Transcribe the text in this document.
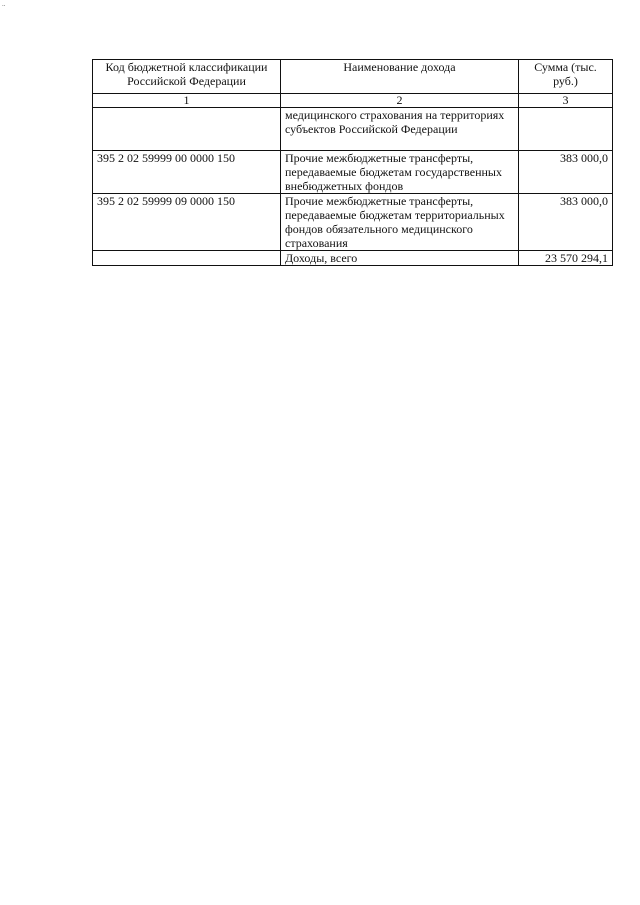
..
Код бюджетной классификации Российской Федерации	Наименование дохода	Сумма (тыс. руб.)
1	2	3
	медицинского страхования на территориях субъектов Российской Федерации	
395 2 02 59999 00 0000 150	Прочие межбюджетные трансферты, передаваемые бюджетам государственных внебюджетных фондов	383 000,0
395 2 02 59999 09 0000 150	Прочие межбюджетные трансферты, передаваемые бюджетам территориальных фондов обязательного медицинского страхования	383 000,0
	Доходы, всего	23 570 294,1
